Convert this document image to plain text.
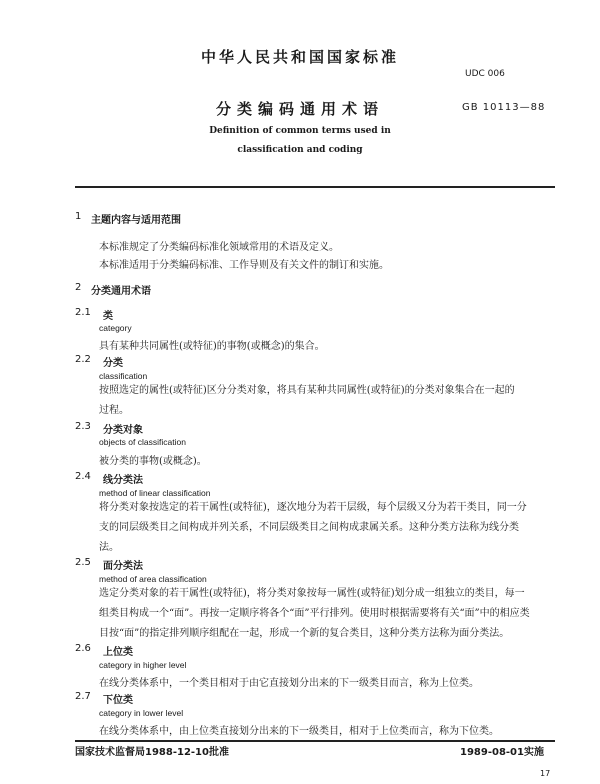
中华人民共和国国家标准
UDC 006
分类编码通用术语	GB 10113—88
Definition of common terms used in
classification and coding
1 主题内容与适用范围
本标准规定了分类编码标准化领域常用的术语及定义。
本标准适用于分类编码标准、工作导则及有关文件的制订和实施。
2 分类通用术语
2.1 类
category
具有某种共同属性(或特征)的事物(或概念)的集合。
2.2 分类
classification
按照选定的属性(或特征)区分分类对象，将具有某种共同属性(或特征)的分类对象集合在一起的
过程。
2.3 分类对象
objects of classification
被分类的事物(或概念)。
2.4 线分类法
method of linear classification
将分类对象按选定的若干属性(或特征)，逐次地分为若干层级，每个层级又分为若干类目，同一分
支的同层级类目之间构成并列关系，不同层级类目之间构成隶属关系。这种分类方法称为线分类
法。
2.5 面分类法
method of area classification
选定分类对象的若干属性(或特征)，将分类对象按每一属性(或特征)划分成一组独立的类目，每一
组类目构成一个“面”。再按一定顺序将各个“面”平行排列。使用时根据需要将有关“面”中的相应类
目按“面”的指定排列顺序组配在一起，形成一个新的复合类目，这种分类方法称为面分类法。
2.6 上位类
category in higher level
在线分类体系中，一个类目相对于由它直接划分出来的下一级类目而言，称为上位类。
2.7 下位类
category in lower level
在线分类体系中，由上位类直接划分出来的下一级类目，相对于上位类而言，称为下位类。
国家技术监督局1988-12-10批准	1989-08-01实施
17
